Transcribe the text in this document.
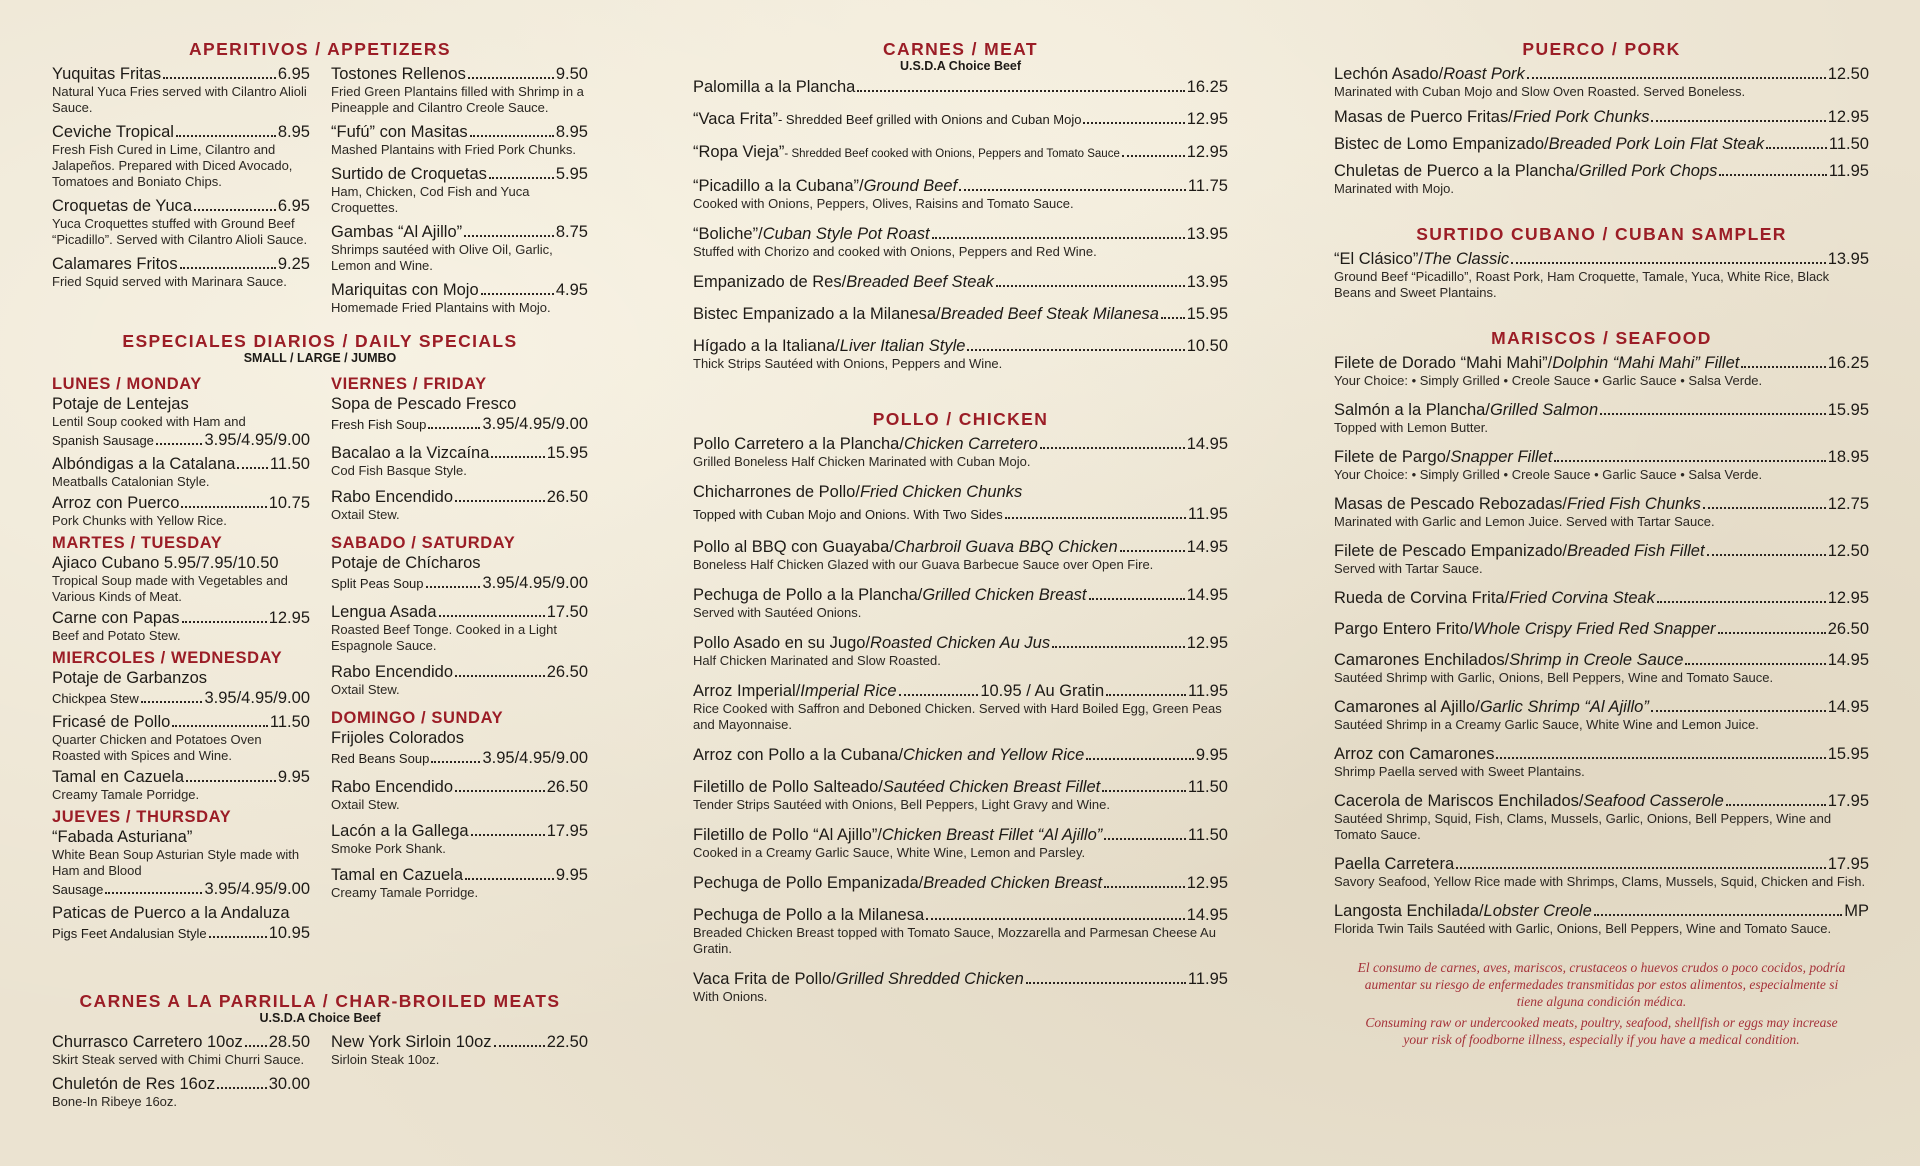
APERITIVOS / APPETIZERS
Yuquitas Fritas	6.95
Natural Yuca Fries served with Cilantro Alioli Sauce.
Ceviche Tropical	8.95
Fresh Fish Cured in Lime, Cilantro and Jalapeños. Prepared with Diced Avocado, Tomatoes and Boniato Chips.
Croquetas de Yuca	6.95
Yuca Croquettes stuffed with Ground Beef “Picadillo”. Served with Cilantro Alioli Sauce.
Calamares Fritos	9.25
Fried Squid served with Marinara Sauce.
Tostones Rellenos	9.50
Fried Green Plantains filled with Shrimp in a Pineapple and Cilantro Creole Sauce.
“Fufú” con Masitas	8.95
Mashed Plantains with Fried Pork Chunks.
Surtido de Croquetas	5.95
Ham, Chicken, Cod Fish and Yuca Croquettes.
Gambas “Al Ajillo”	8.75
Shrimps sautéed with Olive Oil, Garlic, Lemon and Wine.
Mariquitas con Mojo	4.95
Homemade Fried Plantains with Mojo.
ESPECIALES DIARIOS / DAILY SPECIALS
SMALL / LARGE / JUMBO
LUNES / MONDAY
Potaje de Lentejas
Lentil Soup cooked with Ham and
Spanish Sausage	3.95/4.95/9.00
Albóndigas a la Catalana 11.50
Meatballs Catalonian Style.
Arroz con Puerco	10.75
Pork Chunks with Yellow Rice.
MARTES / TUESDAY
Ajiaco Cubano 5.95/7.95/10.50
Tropical Soup made with Vegetables and Various Kinds of Meat.
Carne con Papas	12.95
Beef and Potato Stew.
MIERCOLES / WEDNESDAY
Potaje de Garbanzos
Chickpea Stew	3.95/4.95/9.00
Fricasé de Pollo	11.50
Quarter Chicken and Potatoes Oven Roasted with Spices and Wine.
Tamal en Cazuela	9.95
Creamy Tamale Porridge.
JUEVES / THURSDAY
“Fabada Asturiana”
White Bean Soup Asturian Style made with Ham and Blood
Sausage	3.95/4.95/9.00
Paticas de Puerco a la Andaluza
Pigs Feet Andalusian Style	10.95
VIERNES / FRIDAY
Sopa de Pescado Fresco
Fresh Fish Soup	3.95/4.95/9.00
Bacalao a la Vizcaína	15.95
Cod Fish Basque Style.
Rabo Encendido	26.50
Oxtail Stew.
SABADO / SATURDAY
Potaje de Chícharos
Split Peas Soup	3.95/4.95/9.00
Lengua Asada	17.50
Roasted Beef Tonge. Cooked in a Light Espagnole Sauce.
Rabo Encendido	26.50
Oxtail Stew.
DOMINGO / SUNDAY
Frijoles Colorados
Red Beans Soup	3.95/4.95/9.00
Rabo Encendido	26.50
Oxtail Stew.
Lacón a la Gallega	17.95
Smoke Pork Shank.
Tamal en Cazuela	9.95
Creamy Tamale Porridge.
CARNES A LA PARRILLA / CHAR-BROILED MEATS
U.S.D.A Choice Beef
Churrasco Carretero 10oz 28.50
Skirt Steak served with Chimi Churri Sauce.
Chuletón de Res 16oz	30.00
Bone-In Ribeye 16oz.
New York Sirloin 10oz	22.50
Sirloin Steak 10oz.
CARNES / MEAT
U.S.D.A Choice Beef
Palomilla a la Plancha	16.25
“Vaca Frita”- Shredded Beef grilled with Onions and Cuban Mojo	12.95
“Ropa Vieja”- Shredded Beef cooked with Onions, Peppers and Tomato Sauce	12.95
“Picadillo a la Cubana”/Ground Beef	11.75
Cooked with Onions, Peppers, Olives, Raisins and Tomato Sauce.
“Boliche”/Cuban Style Pot Roast	13.95
Stuffed with Chorizo and cooked with Onions, Peppers and Red Wine.
Empanizado de Res/Breaded Beef Steak	13.95
Bistec Empanizado a la Milanesa/Breaded Beef Steak Milanesa 15.95
Hígado a la Italiana/Liver Italian Style	10.50
Thick Strips Sautéed with Onions, Peppers and Wine.
POLLO / CHICKEN
Pollo Carretero a la Plancha/Chicken Carretero	14.95
Grilled Boneless Half Chicken Marinated with Cuban Mojo.
Chicharrones de Pollo/Fried Chicken Chunks
Topped with Cuban Mojo and Onions. With Two Sides	11.95
Pollo al BBQ con Guayaba/Charbroil Guava BBQ Chicken	14.95
Boneless Half Chicken Glazed with our Guava Barbecue Sauce over Open Fire.
Pechuga de Pollo a la Plancha/Grilled Chicken Breast	14.95
Served with Sautéed Onions.
Pollo Asado en su Jugo/Roasted Chicken Au Jus	12.95
Half Chicken Marinated and Slow Roasted.
Arroz Imperial/Imperial Rice	10.95 / Au Gratin	11.95
Rice Cooked with Saffron and Deboned Chicken. Served with Hard Boiled Egg, Green Peas and Mayonnaise.
Arroz con Pollo a la Cubana/Chicken and Yellow Rice	9.95
Filetillo de Pollo Salteado/Sautéed Chicken Breast Fillet	11.50
Tender Strips Sautéed with Onions, Bell Peppers, Light Gravy and Wine.
Filetillo de Pollo “Al Ajillo”/Chicken Breast Fillet “Al Ajillo”	11.50
Cooked in a Creamy Garlic Sauce, White Wine, Lemon and Parsley.
Pechuga de Pollo Empanizada/Breaded Chicken Breast	12.95
Pechuga de Pollo a la Milanesa	14.95
Breaded Chicken Breast topped with Tomato Sauce, Mozzarella and Parmesan Cheese Au Gratin.
Vaca Frita de Pollo/Grilled Shredded Chicken	11.95
With Onions.
PUERCO / PORK
Lechón Asado/Roast Pork	12.50
Marinated with Cuban Mojo and Slow Oven Roasted. Served Boneless.
Masas de Puerco Fritas/Fried Pork Chunks	12.95
Bistec de Lomo Empanizado/Breaded Pork Loin Flat Steak	11.50
Chuletas de Puerco a la Plancha/Grilled Pork Chops	11.95
Marinated with Mojo.
SURTIDO CUBANO / CUBAN SAMPLER
“El Clásico”/The Classic	13.95
Ground Beef “Picadillo”, Roast Pork, Ham Croquette, Tamale, Yuca, White Rice, Black Beans and Sweet Plantains.
MARISCOS / SEAFOOD
Filete de Dorado “Mahi Mahi”/Dolphin “Mahi Mahi” Fillet	16.25
Your Choice: • Simply Grilled • Creole Sauce • Garlic Sauce • Salsa Verde.
Salmón a la Plancha/Grilled Salmon	15.95
Topped with Lemon Butter.
Filete de Pargo/Snapper Fillet	18.95
Your Choice: • Simply Grilled • Creole Sauce • Garlic Sauce • Salsa Verde.
Masas de Pescado Rebozadas/Fried Fish Chunks	12.75
Marinated with Garlic and Lemon Juice. Served with Tartar Sauce.
Filete de Pescado Empanizado/Breaded Fish Fillet	12.50
Served with Tartar Sauce.
Rueda de Corvina Frita/Fried Corvina Steak	12.95
Pargo Entero Frito/Whole Crispy Fried Red Snapper	26.50
Camarones Enchilados/Shrimp in Creole Sauce	14.95
Sautéed Shrimp with Garlic, Onions, Bell Peppers, Wine and Tomato Sauce.
Camarones al Ajillo/Garlic Shrimp “Al Ajillo”	14.95
Sautéed Shrimp in a Creamy Garlic Sauce, White Wine and Lemon Juice.
Arroz con Camarones	15.95
Shrimp Paella served with Sweet Plantains.
Cacerola de Mariscos Enchilados/Seafood Casserole	17.95
Sautéed Shrimp, Squid, Fish, Clams, Mussels, Garlic, Onions, Bell Peppers, Wine and Tomato Sauce.
Paella Carretera	17.95
Savory Seafood, Yellow Rice made with Shrimps, Clams, Mussels, Squid, Chicken and Fish.
Langosta Enchilada/Lobster Creole	MP
Florida Twin Tails Sautéed with Garlic, Onions, Bell Peppers, Wine and Tomato Sauce.
El consumo de carnes, aves, mariscos, crustaceos o huevos crudos o poco cocidos, podría aumentar su riesgo de enfermedades transmitidas por estos alimentos, especialmente si tiene alguna condición médica.
Consuming raw or undercooked meats, poultry, seafood, shellfish or eggs may increase your risk of foodborne illness, especially if you have a medical condition.
